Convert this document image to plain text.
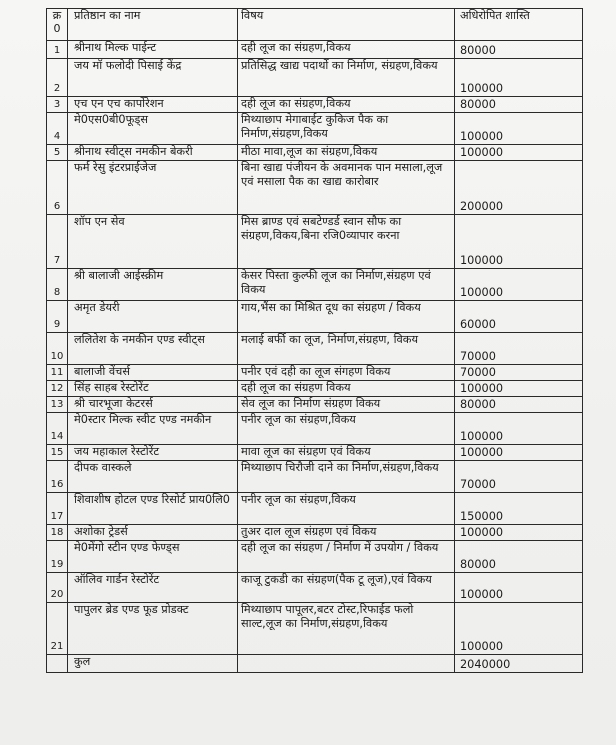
क्र 0	प्रतिष्ठान का नाम	विषय	अधिरोपित शास्ति
1	श्रीनाथ मिल्क पाईन्ट	दही लूज का संग्रहण,विकय	80000
2	जय मॉ फलोदी पिसाई केंद्र	प्रतिसिद्ध खाद्य पदार्थो का निर्माण, संग्रहण,विकय	100000
3	एच एन एच कार्पोरेशन	दही लूज का संग्रहण,विकय	80000
4	मे0एस0बी0फूड्स	मिथ्याछाप मेगाबाईट कुकिज पैक का निर्माण,संग्रहण,विकय	100000
5	श्रीनाथ स्वीट्स नमकीन बेकरी	मीठा मावा,लूज का संग्रहण,विकय	100000
6	फर्म रेसु इंटरप्राईजेज	बिना खाद्य पंजीयन के अवमानक पान मसाला,लूज एवं मसाला पैक का खाद्य कारोबार	200000
7	शॉप एन सेव	मिस ब्राण्ड एवं सबटेण्डर्ड स्वान सौफ का संग्रहण,विकय,बिना रजि0व्यापार करना	100000
8	श्री बालाजी आईस्क्रीम	केसर पिस्ता कुल्फी लूज का निर्माण,संग्रहण एवं विकय	100000
9	अमृत डेयरी	गाय,भैंस का मिश्रित दूध का संग्रहण / विकय	60000
10	ललितेश के नमकीन एण्ड स्वीट्स	मलाई बर्फी का लूज, निर्माण,संग्रहण, विकय	70000
11	बालाजी वेंचर्स	पनीर एवं दही का लूज संगहण विकय	70000
12	सिंह साहब रेस्टोरेंट	दही लूज का संग्रहण विकय	100000
13	श्री चारभूजा केटरर्स	सेव लूज का निर्माण संग्रहण विकय	80000
14	मे0स्टार मिल्क स्वीट एण्ड नमकीन	पनीर लूज का संग्रहण,विकय	100000
15	जय महाकाल रेस्टोरेंट	मावा लूज का संग्रहण एवं विकय	100000
16	दीपक वास्कले	मिथ्याछाप चिरौजी दाने का निर्माण,संग्रहण,विकय	70000
17	शिवाशीष होटल एण्ड रिसोर्ट प्राय0लि0	पनीर लूज का संग्रहण,विकय	150000
18	अशोका ट्रेडर्स	तुअर दाल लूज संग्रहण एवं विकय	100000
19	मे0मेंगो स्टीन एण्ड फेण्ड्स	दही लूज का संग्रहण / निर्माण में उपयोग / विकय	80000
20	ऑलिव गार्डन रेस्टोरेंट	काजू टुकडी का संग्रहण(पैक टू लूज),एवं विकय	100000
21	पापुलर ब्रेड एण्ड फूड प्रोडक्ट	मिथ्याछाप पापूलर,बटर टोस्ट,रिफाईड फलो साल्ट,लूज का निर्माण,संग्रहण,विकय	100000
	कुल		2040000
